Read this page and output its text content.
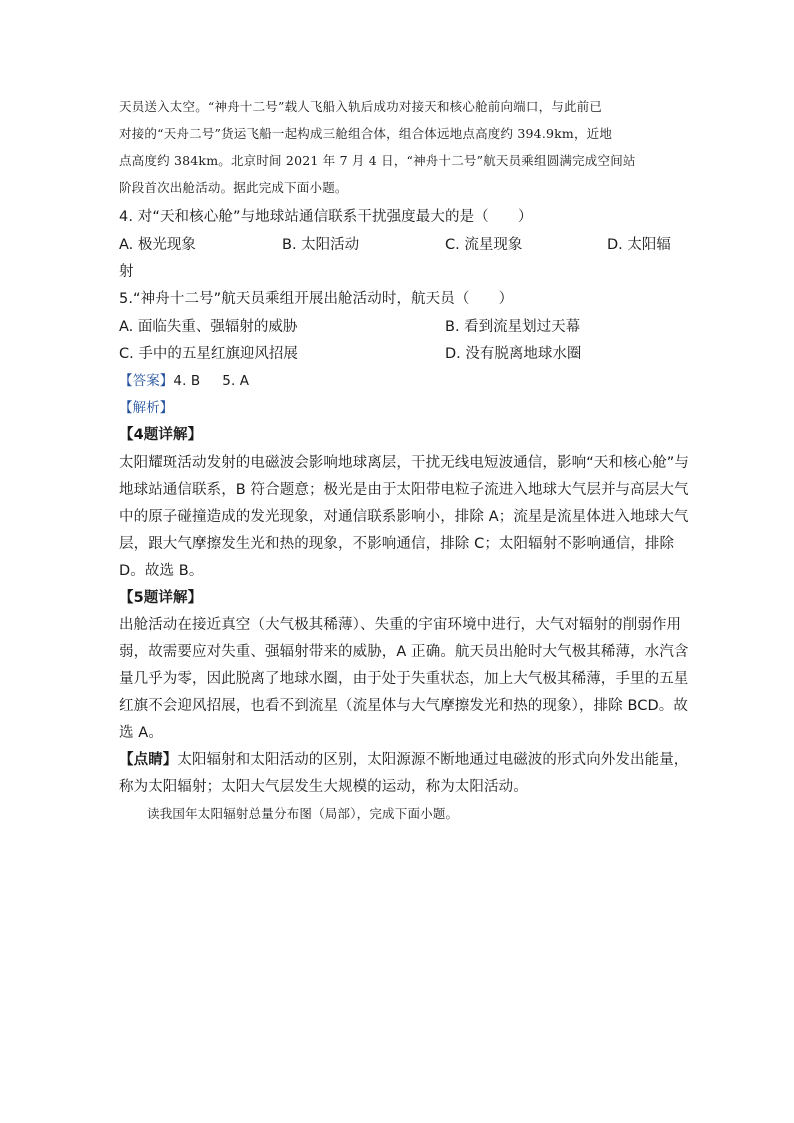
天员送入太空。“神舟十二号”载人飞船入轨后成功对接天和核心舱前向端口，与此前已
对接的“天舟二号”货运飞船一起构成三舱组合体，组合体远地点高度约 394.9km，近地
点高度约 384km。北京时间 2021 年 7 月 4 日，“神舟十二号”航天员乘组圆满完成空间站
阶段首次出舱活动。据此完成下面小题。
4. 对“天和核心舱”与地球站通信联系干扰强度最大的是（　　）
A. 极光现象	B. 太阳活动	C. 流星现象	D. 太阳辐
射
5.“神舟十二号”航天员乘组开展出舱活动时，航天员（　　）
A. 面临失重、强辐射的威胁	B. 看到流星划过天幕
C. 手中的五星红旗迎风招展	D. 没有脱离地球水圈
【答案】4. B 5. A
【解析】
【4题详解】
太阳耀斑活动发射的电磁波会影响地球离层，干扰无线电短波通信，影响“天和核心舱”与
地球站通信联系，B 符合题意；极光是由于太阳带电粒子流进入地球大气层并与高层大气
中的原子碰撞造成的发光现象，对通信联系影响小，排除 A；流星是流星体进入地球大气
层，跟大气摩擦发生光和热的现象，不影响通信，排除 C；太阳辐射不影响通信，排除
D。故选 B。
【5题详解】
出舱活动在接近真空（大气极其稀薄）、失重的宇宙环境中进行，大气对辐射的削弱作用
弱，故需要应对失重、强辐射带来的威胁，A 正确。航天员出舱时大气极其稀薄，水汽含
量几乎为零，因此脱离了地球水圈，由于处于失重状态，加上大气极其稀薄，手里的五星
红旗不会迎风招展，也看不到流星（流星体与大气摩擦发光和热的现象），排除 BCD。故
选 A。
【点睛】太阳辐射和太阳活动的区别，太阳源源不断地通过电磁波的形式向外发出能量，
称为太阳辐射；太阳大气层发生大规模的运动，称为太阳活动。
读我国年太阳辐射总量分布图（局部），完成下面小题。
